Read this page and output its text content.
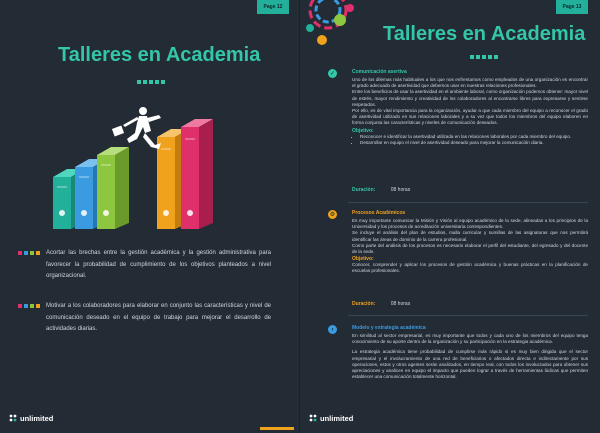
Page 12
Talleres en Academia
Acortar las brechas entre la gestión académica y la gestión administrativa para favorecer la probabilidad de cumplimiento de los objetivos planteados a nivel organizacional.
Motivar a los colaboradores para elaborar en conjunto las características y nivel de comunicación deseado en el equipo de trabajo para mejorar el desarrollo de actividades diarias.
unlimited
Page 13
Talleres en Academia
✓	Comunicación asertiva
Uno de los dilemas más habituales a los que nos enfrentamos como empleados de una organización es encontrar el grado adecuado de asertividad que debemos usar en nuestras relaciones profesionales.
Entre los beneficios de usar la asertividad en el ambiente laboral, como organización podemos obtener: mayor nivel de estrés, mayor rendimiento y creatividad de los colaboradores al encontrarse libres para expresarse y sentirse respetados.
Por ello, es de vital importancia para la organización, ayudar a que cada miembro del equipo a reconocer el grado de asertividad utilizado en sus relaciones laborales y a su vez que todos los miembros del equipo elaboren en forma conjunta las características y niveles de comunicación deseados.
Objetivo:
• Reconocer e identificar la asertividad utilizada en las relaciones laborales por cada miembro del equipo.
• Desarrollar en equipo el nivel de asertividad deseado para mejorar la comunicación diaria.
Duración:	08 horas
⚙	Procesos Académicos
Es muy importante comunicar la Misión y Visión al equipo académico de la sede, alineadas a los principios de la Universidad y los procesos de acreditación universitaria correspondientes.
Se incluye el análisis del plan de estudios, malla curricular y sumillas de las asignaturas que nos permitirá identificar las áreas de dominio de la carrera profesional.
Como parte del análisis de los procesos es necesario elaborar el perfil del estudiante, del egresado y del docente de la sede.
Objetivo:
Conocer, comprender y aplicar los procesos de gestión académica y buenas prácticas en la planificación de escuelas profesionales.
Duración:	08 horas
›	Modelo y estrategia académica
En similitud al sector empresarial, es muy importante que todos y cada uno de los miembros del equipo tenga conocimiento de su aporte dentro de la organización y su participación en la estrategia académica.
La estrategia académica tiene probabilidad de cumplirse más rápido si es muy bien dirigida que el sector empresarial y el involucramiento de una red de beneficiarios o afectados directa e indirectamente por sus operaciones, estos y otros agentes serán analizados, en tiempo real, con todos los involucrados para obtener sus apreciaciones y analicen en equipo el impacto que pueden lograr a través de herramientas lúdicas que permiten establecer una comunicación totalmente horizontal.
unlimited
